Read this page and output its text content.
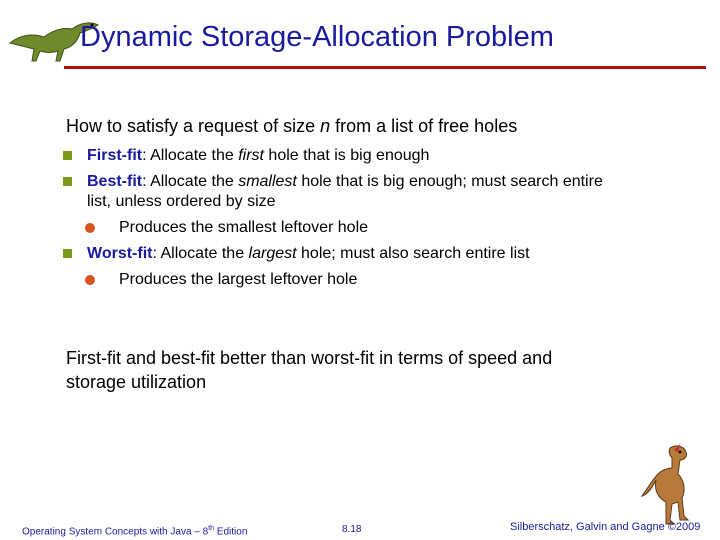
Dynamic Storage-Allocation Problem
How to satisfy a request of size n from a list of free holes
First-fit: Allocate the first hole that is big enough
Best-fit: Allocate the smallest hole that is big enough; must search entire list, unless ordered by size
Produces the smallest leftover hole
Worst-fit: Allocate the largest hole; must also search entire list
Produces the largest leftover hole
First-fit and best-fit better than worst-fit in terms of speed and storage utilization
Operating System Concepts with Java – 8th Edition	8.18	Silberschatz, Galvin and Gagne ©2009
